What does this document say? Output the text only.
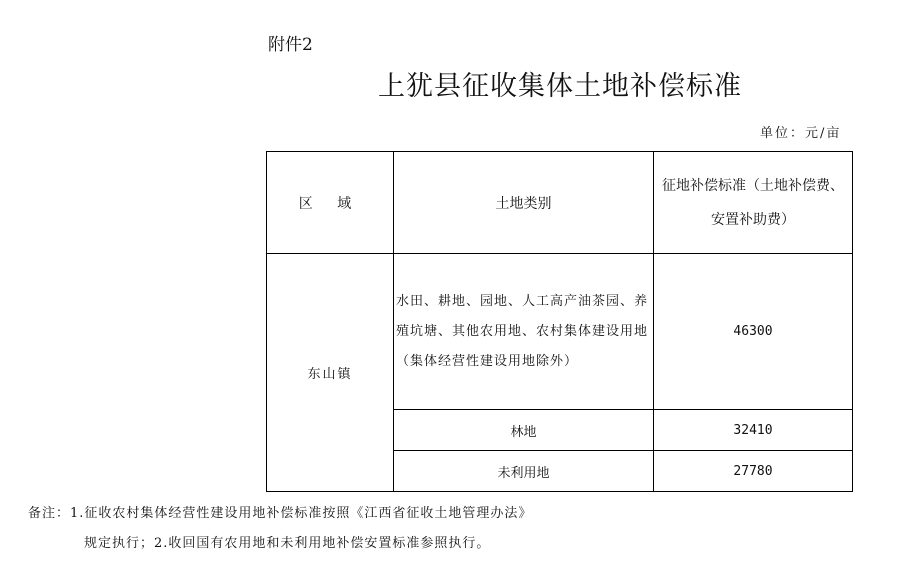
附件2
上犹县征收集体土地补偿标准
单位：元/亩
区 域	土地类别	征地补偿标准（土地补偿费、安置补助费）
东山镇	水田、耕地、园地、人工高产油茶园、养殖坑塘、其他农用地、农村集体建设用地（集体经营性建设用地除外）	46300
	林地	32410
	未利用地	27780
备注：1.征收农村集体经营性建设用地补偿标准按照《江西省征收土地管理办法》
规定执行；2.收回国有农用地和未利用地补偿安置标准参照执行。
